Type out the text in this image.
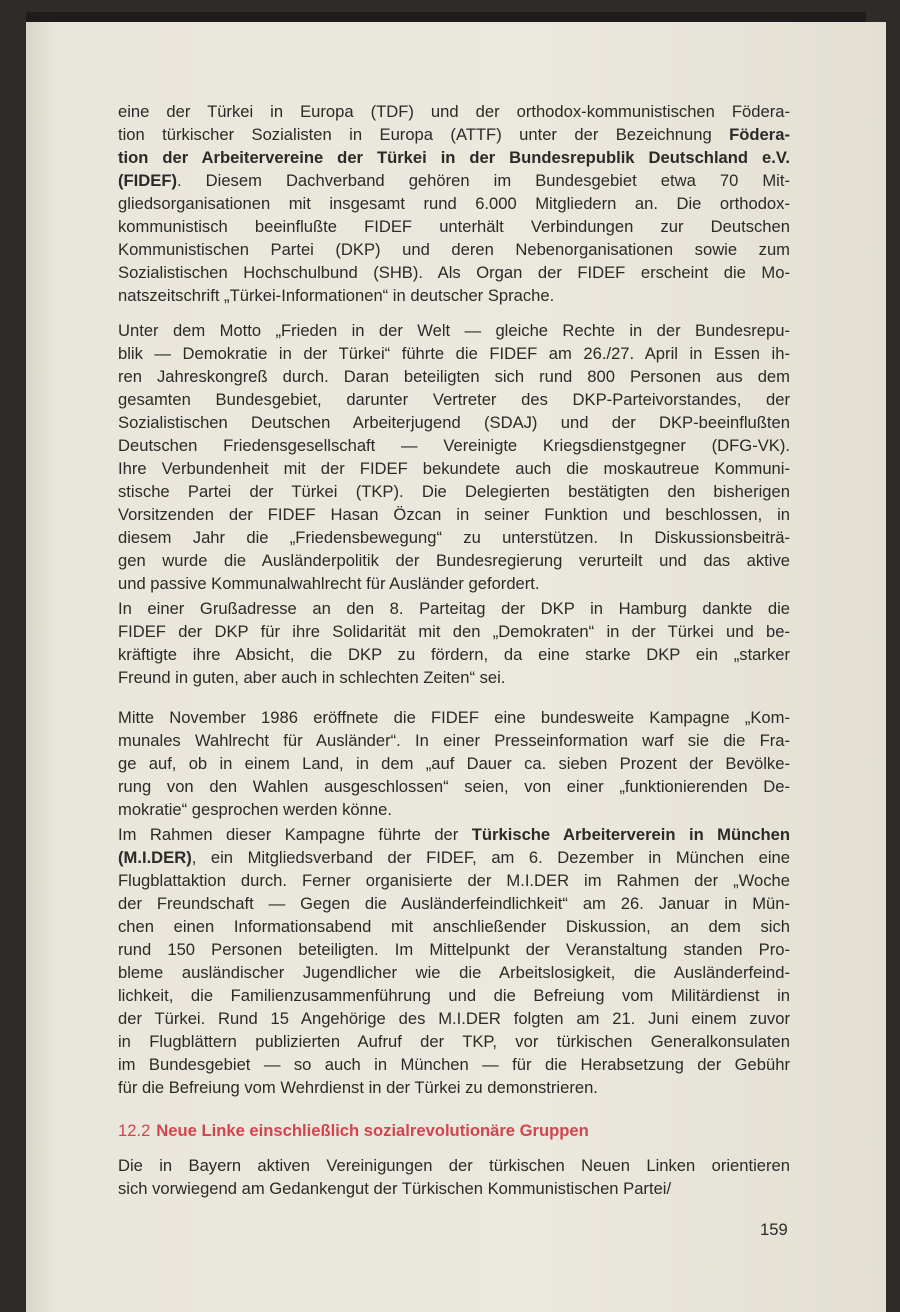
eine der Türkei in Europa (TDF) und der orthodox-kommunistischen Födera-
tion türkischer Sozialisten in Europa (ATTF) unter der Bezeichnung Födera-
tion der Arbeitervereine der Türkei in der Bundesrepublik Deutschland e.V.
(FIDEF). Diesem Dachverband gehören im Bundesgebiet etwa 70 Mit-
gliedsorganisationen mit insgesamt rund 6.000 Mitgliedern an. Die orthodox-
kommunistisch beeinflußte FIDEF unterhält Verbindungen zur Deutschen
Kommunistischen Partei (DKP) und deren Nebenorganisationen sowie zum
Sozialistischen Hochschulbund (SHB). Als Organ der FIDEF erscheint die Mo-
natszeitschrift „Türkei-Informationen“ in deutscher Sprache.
Unter dem Motto „Frieden in der Welt — gleiche Rechte in der Bundesrepu-
blik — Demokratie in der Türkei“ führte die FIDEF am 26./27. April in Essen ih-
ren Jahreskongreß durch. Daran beteiligten sich rund 800 Personen aus dem
gesamten Bundesgebiet, darunter Vertreter des DKP-Parteivorstandes, der
Sozialistischen Deutschen Arbeiterjugend (SDAJ) und der DKP-beeinflußten
Deutschen Friedensgesellschaft — Vereinigte Kriegsdienstgegner (DFG-VK).
Ihre Verbundenheit mit der FIDEF bekundete auch die moskautreue Kommuni-
stische Partei der Türkei (TKP). Die Delegierten bestätigten den bisherigen
Vorsitzenden der FIDEF Hasan Özcan in seiner Funktion und beschlossen, in
diesem Jahr die „Friedensbewegung“ zu unterstützen. In Diskussionsbeiträ-
gen wurde die Ausländerpolitik der Bundesregierung verurteilt und das aktive
und passive Kommunalwahlrecht für Ausländer gefordert.
In einer Grußadresse an den 8. Parteitag der DKP in Hamburg dankte die
FIDEF der DKP für ihre Solidarität mit den „Demokraten“ in der Türkei und be-
kräftigte ihre Absicht, die DKP zu fördern, da eine starke DKP ein „starker
Freund in guten, aber auch in schlechten Zeiten“ sei.
Mitte November 1986 eröffnete die FIDEF eine bundesweite Kampagne „Kom-
munales Wahlrecht für Ausländer“. In einer Presseinformation warf sie die Fra-
ge auf, ob in einem Land, in dem „auf Dauer ca. sieben Prozent der Bevölke-
rung von den Wahlen ausgeschlossen“ seien, von einer „funktionierenden De-
mokratie“ gesprochen werden könne.
Im Rahmen dieser Kampagne führte der Türkische Arbeiterverein in München
(M.I.DER), ein Mitgliedsverband der FIDEF, am 6. Dezember in München eine
Flugblattaktion durch. Ferner organisierte der M.I.DER im Rahmen der „Woche
der Freundschaft — Gegen die Ausländerfeindlichkeit“ am 26. Januar in Mün-
chen einen Informationsabend mit anschließender Diskussion, an dem sich
rund 150 Personen beteiligten. Im Mittelpunkt der Veranstaltung standen Pro-
bleme ausländischer Jugendlicher wie die Arbeitslosigkeit, die Ausländerfeind-
lichkeit, die Familienzusammenführung und die Befreiung vom Militärdienst in
der Türkei. Rund 15 Angehörige des M.I.DER folgten am 21. Juni einem zuvor
in Flugblättern publizierten Aufruf der TKP, vor türkischen Generalkonsulaten
im Bundesgebiet — so auch in München — für die Herabsetzung der Gebühr
für die Befreiung vom Wehrdienst in der Türkei zu demonstrieren.
12.2 Neue Linke einschließlich sozialrevolutionäre Gruppen
Die in Bayern aktiven Vereinigungen der türkischen Neuen Linken orientieren
sich vorwiegend am Gedankengut der Türkischen Kommunistischen Partei/
159
